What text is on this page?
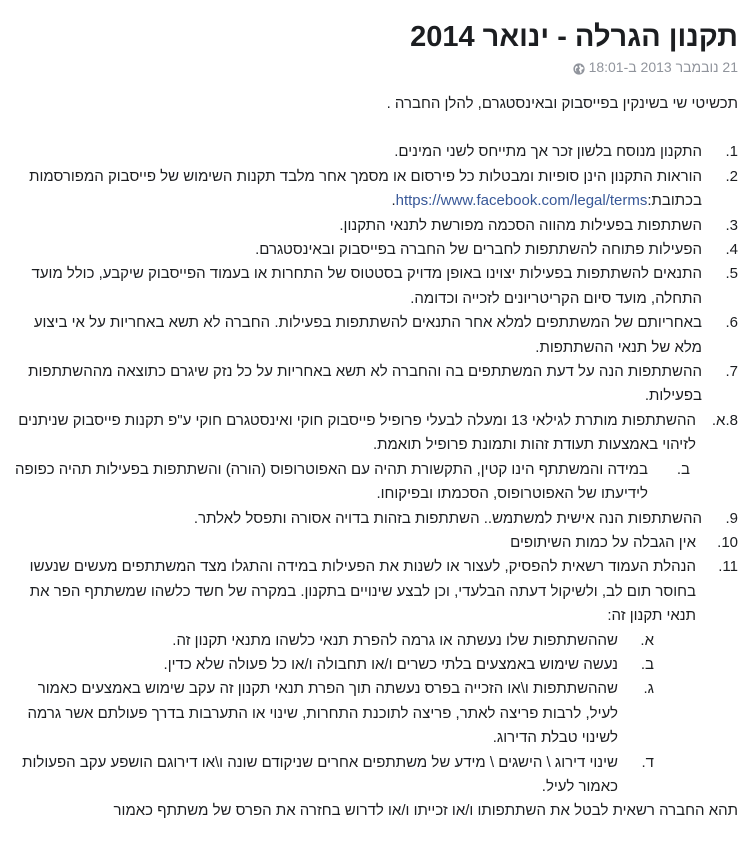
תקנון הגרלה - ינואר 2014
21 נובמבר 2013 ב-18:01

תכשיטי שי בשינקין בפייסבוק ובאינסטגרם, להלן החברה .

1.
התקנון מנוסח בלשון זכר אך מתייחס לשני המינים.
2.
הוראות התקנון הינן סופיות ומבטלות כל פירסום או מסמך אחר מלבד תקנות השימוש של פייסבוק המפורסמות בכתובת:https://www.facebook.com/legal/terms.
3.
השתתפות בפעילות מהווה הסכמה מפורשת לתנאי התקנון.
4.
הפעילות פתוחה להשתתפות לחברים של החברה בפייסבוק ובאינסטגרם.
5.
התנאים להשתתפות בפעילות יצוינו באופן מדויק בסטטוס של התחרות או בעמוד הפייסבוק שיקבע, כולל מועד התחלה, מועד סיום הקריטריונים לזכייה וכדומה.
6.
באחריותם של המשתתפים למלא אחר התנאים להשתתפות בפעילות. החברה לא תשא באחריות על אי ביצוע מלא של תנאי ההשתתפות.
7.
ההשתתפות הנה על דעת המשתתפים בה והחברה לא תשא באחריות על כל נזק שיגרם כתוצאה מההשתתפות בפעילות.
8.א.
ההשתתפות מותרת לגילאי 13 ומעלה לבעלי פרופיל פייסבוק חוקי ואינסטגרם חוקי ע"פ תקנות פייסבוק שניתנים לזיהוי באמצעות תעודת זהות ותמונת פרופיל תואמת.
ב.
במידה והמשתתף הינו קטין, התקשורת תהיה עם האפוטרופוס (הורה) והשתתפות בפעילות תהיה כפופה לידיעתו של האפוטרופוס, הסכמתו ובפיקוחו.
9.
ההשתתפות הנה אישית למשתמש.. השתתפות בזהות בדויה אסורה ותפסל לאלתר.
10.
אין הגבלה על כמות השיתופים
11.
הנהלת העמוד רשאית להפסיק, לעצור או לשנות את הפעילות במידה והתגלו מצד המשתתפים מעשים שנעשו בחוסר תום לב, ולשיקול דעתה הבלעדי, וכן לבצע שינויים בתקנון. במקרה של חשד כלשהו שמשתתף הפר את תנאי תקנון זה:
א.
שההשתתפות שלו נעשתה או גרמה להפרת תנאי כלשהו מתנאי תקנון זה.
ב.
נעשה שימוש באמצעים בלתי כשרים ו/או תחבולה ו/או כל פעולה שלא כדין.
ג.
שההשתתפות ו\או הזכייה בפרס נעשתה תוך הפרת תנאי תקנון זה עקב שימוש באמצעים כאמור לעיל, לרבות פריצה לאתר, פריצה לתוכנת התחרות, שינוי או התערבות בדרך פעולתם אשר גרמה לשינוי טבלת הדירוג.
ד.
שינוי דירוג \ הישגים \ מידע של משתתפים אחרים שניקודם שונה ו\או דירוגם הושפע עקב הפעולות כאמור לעיל.

תהא החברה רשאית לבטל את השתתפותו ו/או זכייתו ו/או לדרוש בחזרה את הפרס של משתתף כאמור
